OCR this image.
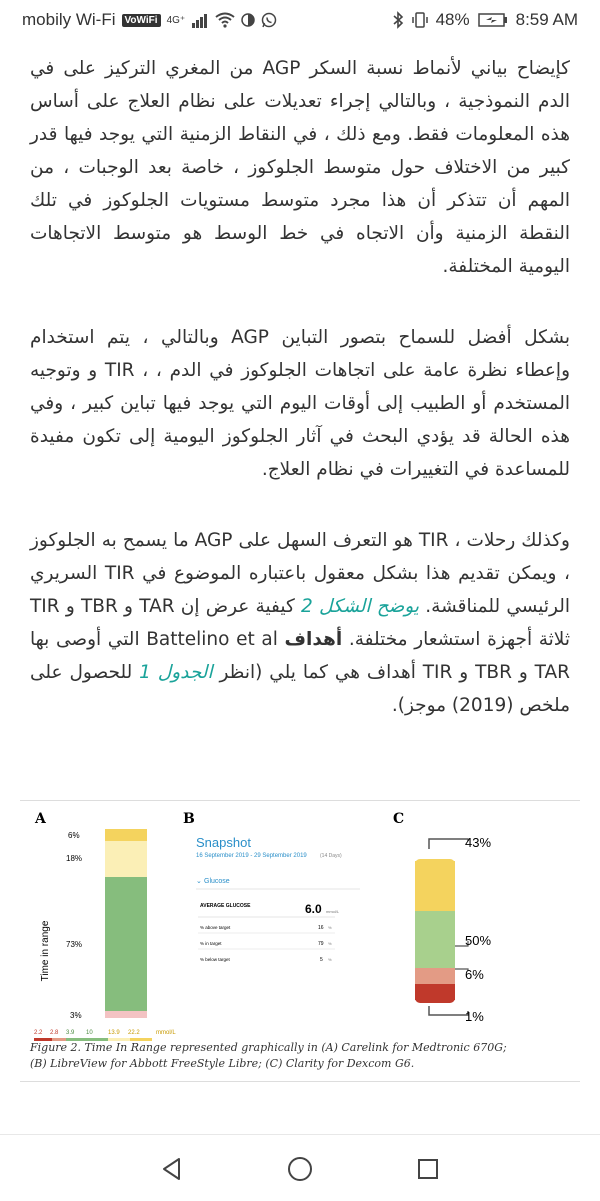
mobily Wi-Fi VoWiFi 4G⁺	48%	8:59 AM

كإيضاح بياني لأنماط نسبة السكر AGP من المغري التركيز على في الدم النموذجية ، وبالتالي إجراء تعديلات على نظام العلاج على أساس هذه المعلومات فقط. ومع ذلك ، في النقاط الزمنية التي يوجد فيها قدر كبير من الاختلاف حول متوسط الجلوكوز ، خاصة بعد الوجبات ، من المهم أن تتذكر أن هذا مجرد متوسط مستويات الجلوكوز في تلك النقطة الزمنية وأن الاتجاه في خط الوسط هو متوسط الاتجاهات اليومية المختلفة.

بشكل أفضل للسماح بتصور التباين AGP وبالتالي ، يتم استخدام وإعطاء نظرة عامة على اتجاهات الجلوكوز في الدم ، ، TIR و وتوجيه المستخدم أو الطبيب إلى أوقات اليوم التي يوجد فيها تباين كبير ، وفي هذه الحالة قد يؤدي البحث في آثار الجلوكوز اليومية إلى تكون مفيدة للمساعدة في التغييرات في نظام العلاج.

وكذلك رحلات ، TIR هو التعرف السهل على AGP ما يسمح به الجلوكوز ، ويمكن تقديم هذا بشكل معقول باعتباره الموضوع في TIR السريري الرئيسي للمناقشة. يوضح الشكل 2 كيفية عرض إن TAR و TBR و TIR ثلاثة أجهزة استشعار مختلفة. أهداف Battelino et al التي أوصى بها TAR و TBR و TIR أهداف هي كما يلي (انظر الجدول 1 للحصول على ملخص (2019) موجز).

A
Time in range
6%
18%
73%
3%
2.2 2.8 3.9 10	13.9 22.2	mmol/L
B
Snapshot
16 September 2019 - 29 September 2019	(14 Days)
⌄ Glucose
AVERAGE GLUCOSE	6.0 mmol/L
% above target	16 %
% in target	79 %
% below target	5 %
C
43%
50%
6%
1%
Figure 2. Time In Range represented graphically in (A) Carelink for Medtronic 670G;
(B) LibreView for Abbott FreeStyle Libre; (C) Clarity for Dexcom G6.
